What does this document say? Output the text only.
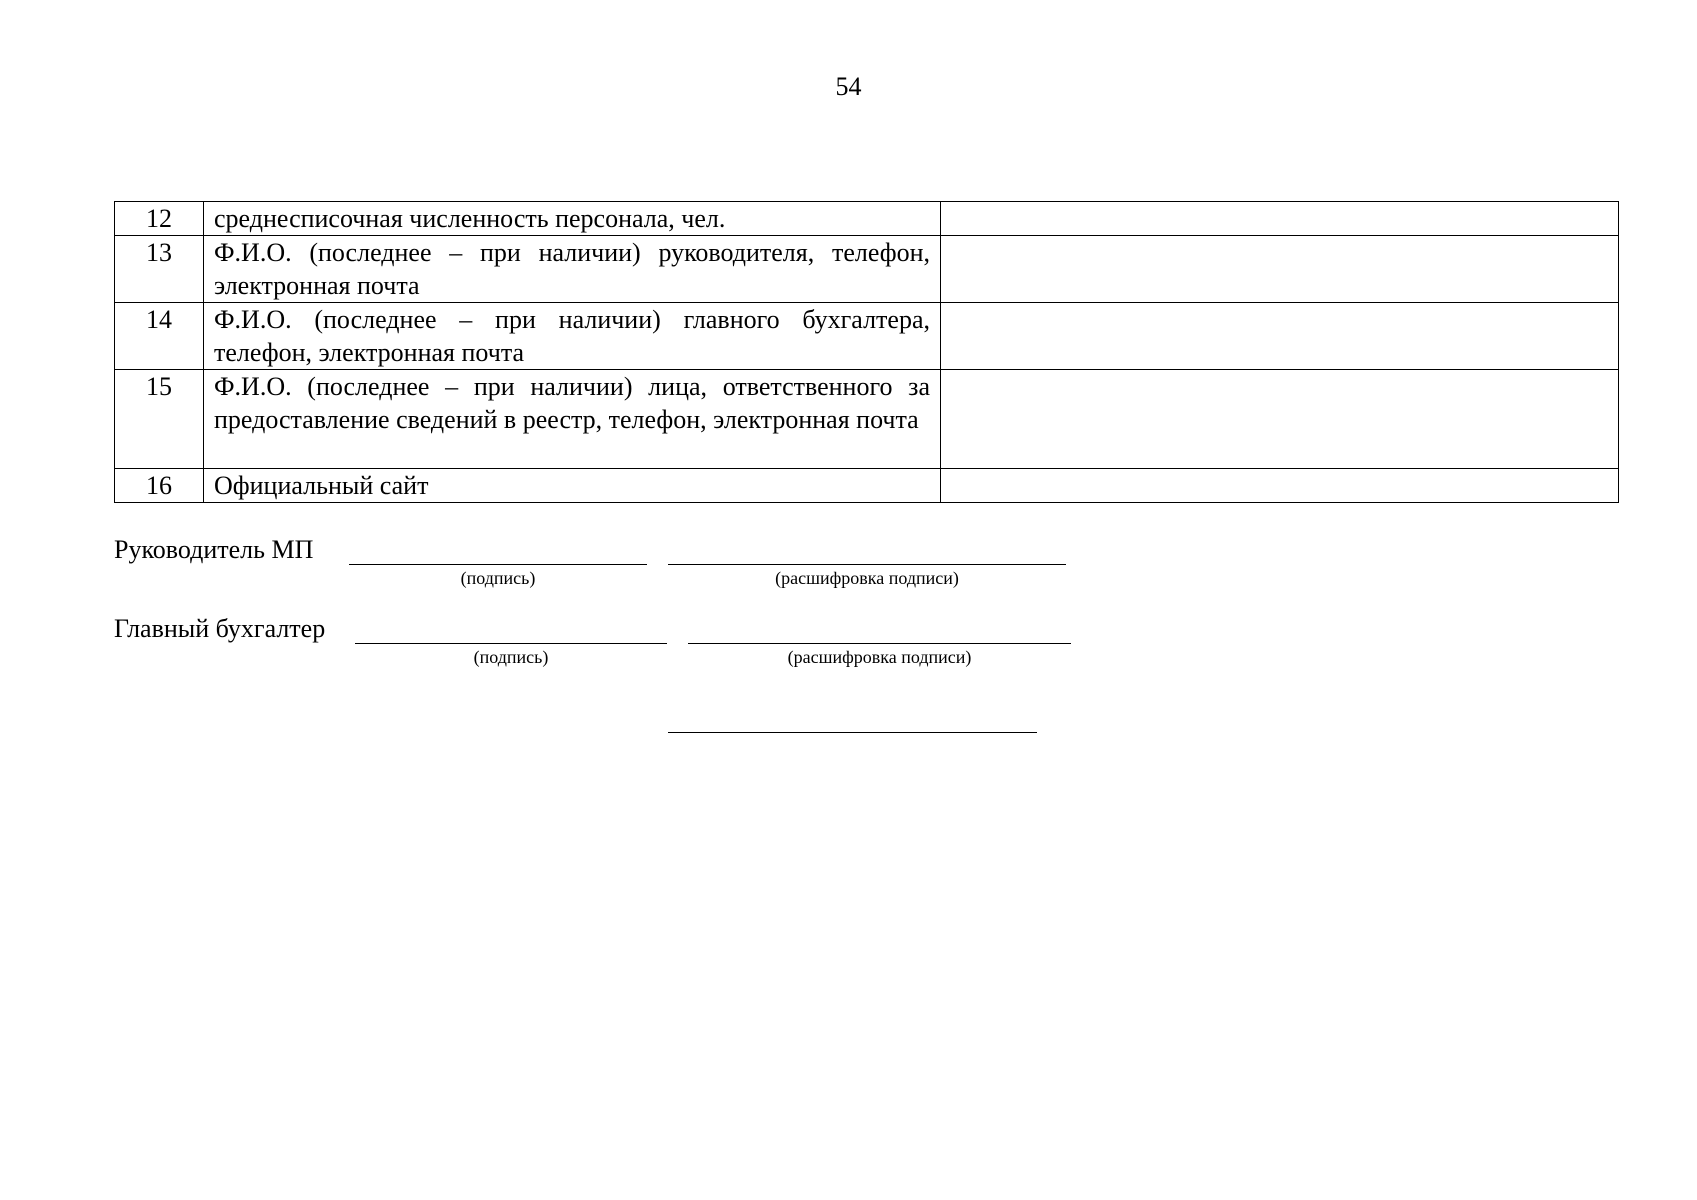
54
12	среднесписочная численность персонала, чел.	
13	Ф.И.О. (последнее – при наличии) руководителя, телефон, электронная почта	
14	Ф.И.О. (последнее – при наличии) главного бухгалтера, телефон, электронная почта	
15	Ф.И.О. (последнее – при наличии) лица, ответственного за предоставление сведений в реестр, телефон, электронная почта	
16	Официальный сайт	
Руководитель МП
(подпись)	(расшифровка подписи)
Главный бухгалтер
(подпись)	(расшифровка подписи)
